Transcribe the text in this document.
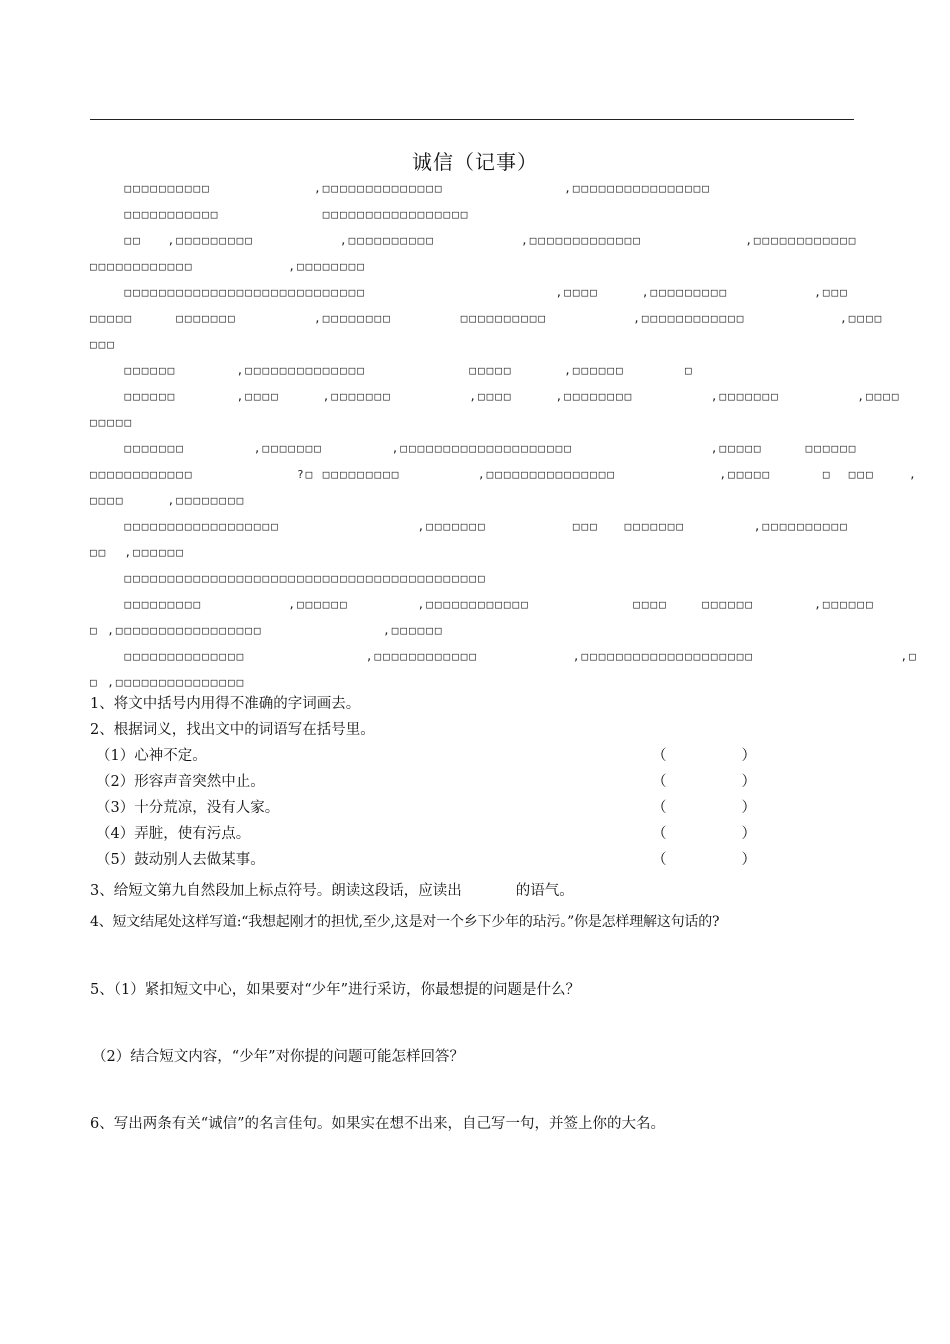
诚信（记事）
□□□□□□□□□□            ,□□□□□□□□□□□□□□              ,□□□□□□□□□□□□□□□□
□□□□□□□□□□□            □□□□□□□□□□□□□□□□□
□□   ,□□□□□□□□□          ,□□□□□□□□□□          ,□□□□□□□□□□□□□            ,□□□□□□□□□□□□
□□□□□□□□□□□□           ,□□□□□□□□
□□□□□□□□□□□□□□□□□□□□□□□□□□□□                      ,□□□□     ,□□□□□□□□□          ,□□□
□□□□□     □□□□□□□         ,□□□□□□□□        □□□□□□□□□□          ,□□□□□□□□□□□□           ,□□□□
□□□
□□□□□□       ,□□□□□□□□□□□□□□            □□□□□      ,□□□□□□       □
□□□□□□       ,□□□□     ,□□□□□□□         ,□□□□     ,□□□□□□□□         ,□□□□□□□         ,□□□□
□□□□□
□□□□□□□        ,□□□□□□□        ,□□□□□□□□□□□□□□□□□□□□                ,□□□□□     □□□□□□
□□□□□□□□□□□□            ?□ □□□□□□□□□         ,□□□□□□□□□□□□□□□            ,□□□□□      □  □□□    ,
□□□□     ,□□□□□□□□
□□□□□□□□□□□□□□□□□□                ,□□□□□□□          □□□   □□□□□□□        ,□□□□□□□□□□
□□  ,□□□□□□
□□□□□□□□□□□□□□□□□□□□□□□□□□□□□□□□□□□□□□□□□□
□□□□□□□□□          ,□□□□□□        ,□□□□□□□□□□□□            □□□□    □□□□□□       ,□□□□□□
□ ,□□□□□□□□□□□□□□□□□              ,□□□□□□
□□□□□□□□□□□□□□              ,□□□□□□□□□□□□           ,□□□□□□□□□□□□□□□□□□□□                 ,□
□ ,□□□□□□□□□□□□□□□
1、将文中括号内用得不准确的字词画去。
2、根据词义，找出文中的词语写在括号里。
（1）心神不定。	（	）
（2）形容声音突然中止。	（	）
（3）十分荒凉，没有人家。	（	）
（4）弄脏，使有污点。	（	）
（5）鼓动别人去做某事。	（	）
3、给短文第九自然段加上标点符号。朗读这段话，应读出	的语气。
4、短文结尾处这样写道:“我想起刚才的担忧,至少,这是对一个乡下少年的玷污。”你是怎样理解这句话的?
5、（1）紧扣短文中心，如果要对“少年”进行采访，你最想提的问题是什么？
（2）结合短文内容，“少年”对你提的问题可能怎样回答？
6、写出两条有关“诚信”的名言佳句。如果实在想不出来，自己写一句，并签上你的大名。
